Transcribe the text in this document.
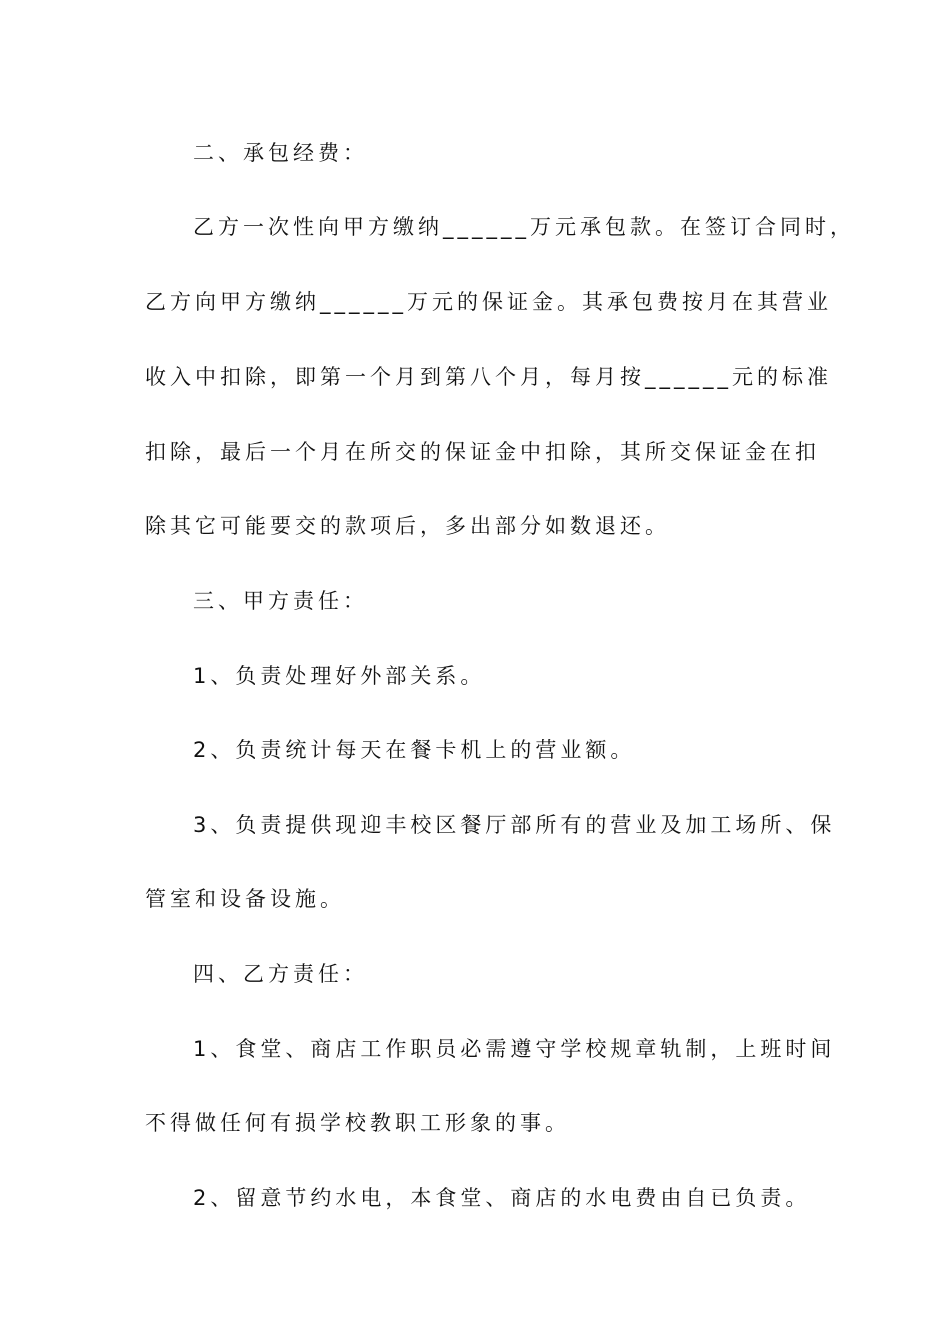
二、承包经费：
乙方一次性向甲方缴纳______万元承包款。在签订合同时，
乙方向甲方缴纳______万元的保证金。其承包费按月在其营业
收入中扣除，即第一个月到第八个月，每月按______元的标准
扣除，最后一个月在所交的保证金中扣除，其所交保证金在扣
除其它可能要交的款项后，多出部分如数退还。
三、甲方责任：
1、负责处理好外部关系。
2、负责统计每天在餐卡机上的营业额。
3、负责提供现迎丰校区餐厅部所有的营业及加工场所、保
管室和设备设施。
四、乙方责任：
1、食堂、商店工作职员必需遵守学校规章轨制，上班时间
不得做任何有损学校教职工形象的事。
2、留意节约水电，本食堂、商店的水电费由自已负责。
